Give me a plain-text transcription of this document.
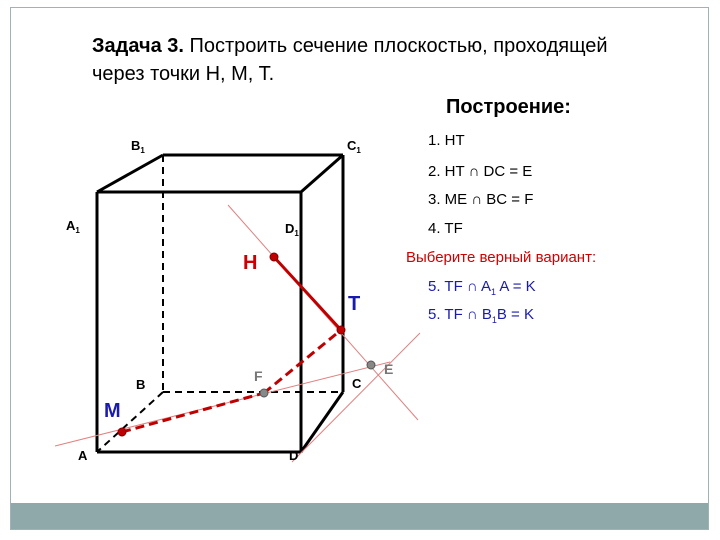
Задача 3. Построить сечение плоскостью, проходящей через точки H, M, T.
Построение:
1. HT
2. HT ∩ DC = E
3. ME ∩ BC = F
4. TF
Выберите верный вариант:
5. TF ∩ $A_1$ A = K
5. TF ∩ $B_1B = K$
A
B	C
D
$A_1$
$B_1$	$C_1$
$D_1$
H
T
M
F	E
